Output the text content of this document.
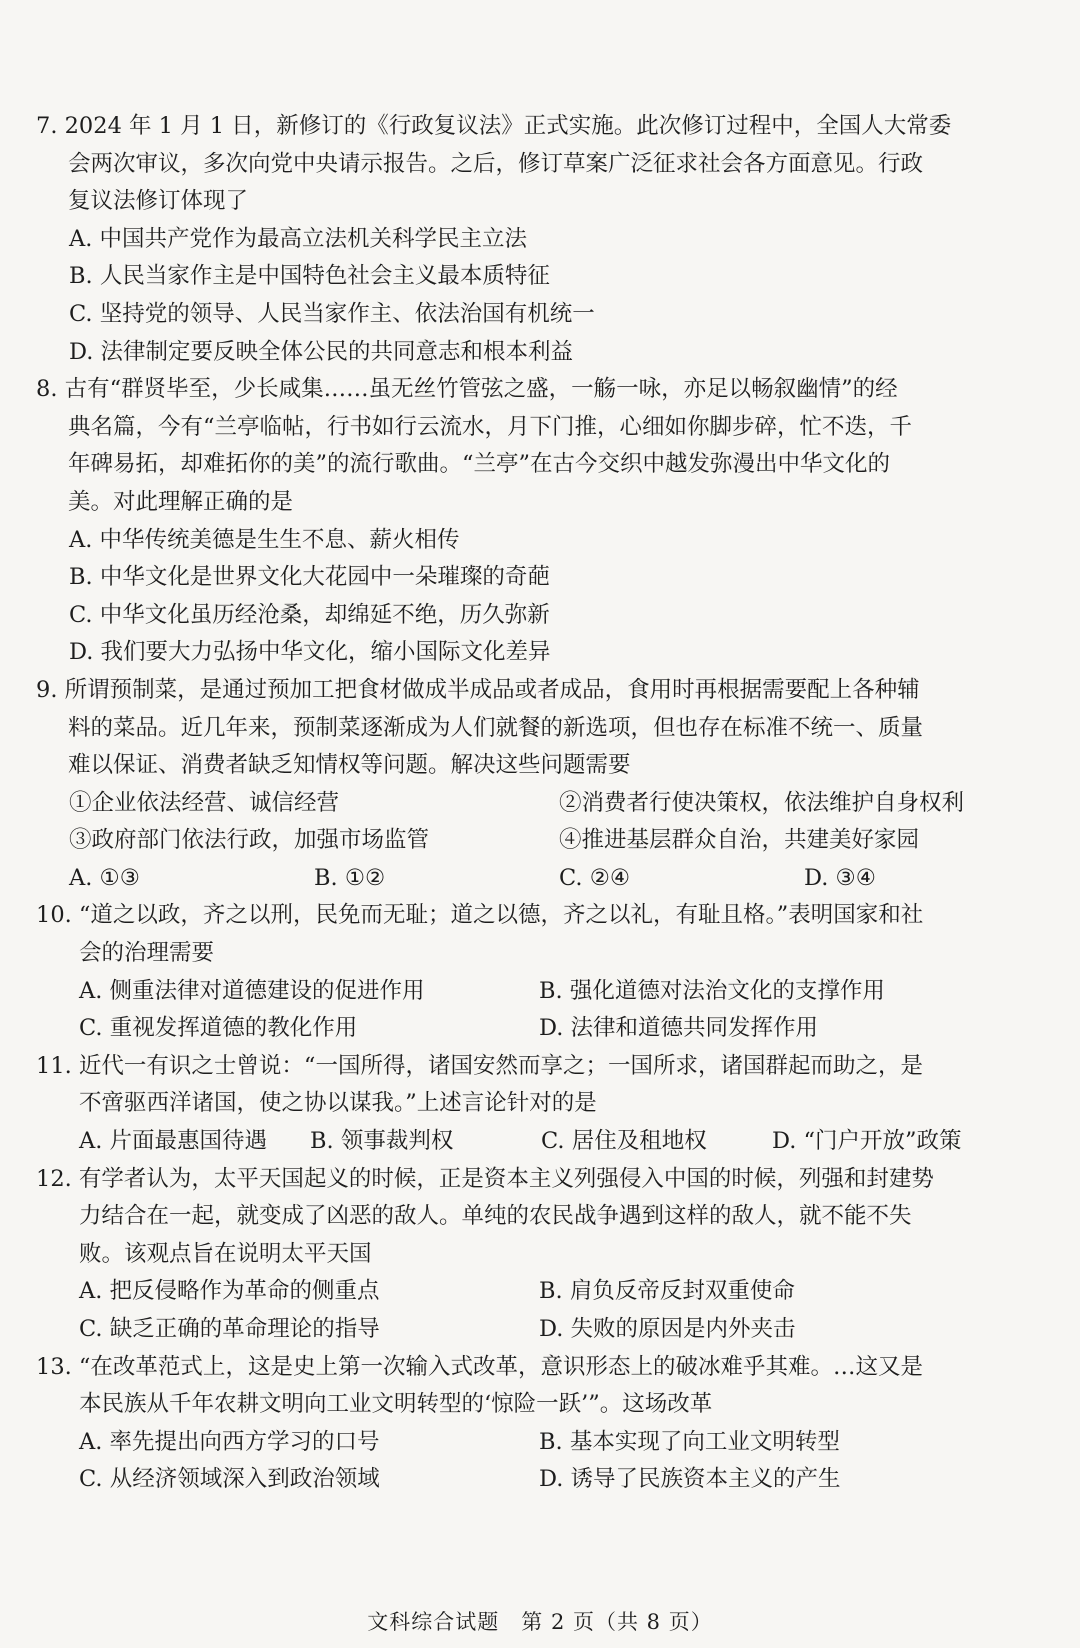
7. 2024 年 1 月 1 日，新修订的《行政复议法》正式实施。此次修订过程中，全国人大常委
会两次审议，多次向党中央请示报告。之后，修订草案广泛征求社会各方面意见。行政
复议法修订体现了
A. 中国共产党作为最高立法机关科学民主立法
B. 人民当家作主是中国特色社会主义最本质特征
C. 坚持党的领导、人民当家作主、依法治国有机统一
D. 法律制定要反映全体公民的共同意志和根本利益
8. 古有“群贤毕至，少长咸集……虽无丝竹管弦之盛，一觞一咏，亦足以畅叙幽情”的经
典名篇，今有“兰亭临帖，行书如行云流水，月下门推，心细如你脚步碎，忙不迭，千
年碑易拓，却难拓你的美”的流行歌曲。“兰亭”在古今交织中越发弥漫出中华文化的
美。对此理解正确的是
A. 中华传统美德是生生不息、薪火相传
B. 中华文化是世界文化大花园中一朵璀璨的奇葩
C. 中华文化虽历经沧桑，却绵延不绝，历久弥新
D. 我们要大力弘扬中华文化，缩小国际文化差异
9. 所谓预制菜，是通过预加工把食材做成半成品或者成品，食用时再根据需要配上各种辅
料的菜品。近几年来，预制菜逐渐成为人们就餐的新选项，但也存在标准不统一、质量
难以保证、消费者缺乏知情权等问题。解决这些问题需要
①企业依法经营、诚信经营	②消费者行使决策权，依法维护自身权利
③政府部门依法行政，加强市场监管	④推进基层群众自治，共建美好家园
A. ①③	B. ①②	C. ②④	D. ③④
10. “道之以政，齐之以刑，民免而无耻；道之以德，齐之以礼，有耻且格。”表明国家和社
会的治理需要
A. 侧重法律对道德建设的促进作用	B. 强化道德对法治文化的支撑作用
C. 重视发挥道德的教化作用	D. 法律和道德共同发挥作用
11. 近代一有识之士曾说：“一国所得，诸国安然而享之；一国所求，诸国群起而助之，是
不啻驱西洋诸国，使之协以谋我。”上述言论针对的是
A. 片面最惠国待遇	B. 领事裁判权	C. 居住及租地权	D. “门户开放”政策
12. 有学者认为，太平天国起义的时候，正是资本主义列强侵入中国的时候，列强和封建势
力结合在一起，就变成了凶恶的敌人。单纯的农民战争遇到这样的敌人，就不能不失
败。该观点旨在说明太平天国
A. 把反侵略作为革命的侧重点	B. 肩负反帝反封双重使命
C. 缺乏正确的革命理论的指导	D. 失败的原因是内外夹击
13. “在改革范式上，这是史上第一次输入式改革，意识形态上的破冰难乎其难。…这又是
本民族从千年农耕文明向工业文明转型的‘惊险一跃’”。这场改革
A. 率先提出向西方学习的口号	B. 基本实现了向工业文明转型
C. 从经济领域深入到政治领域	D. 诱导了民族资本主义的产生
文科综合试题　第 2 页（共 8 页）
